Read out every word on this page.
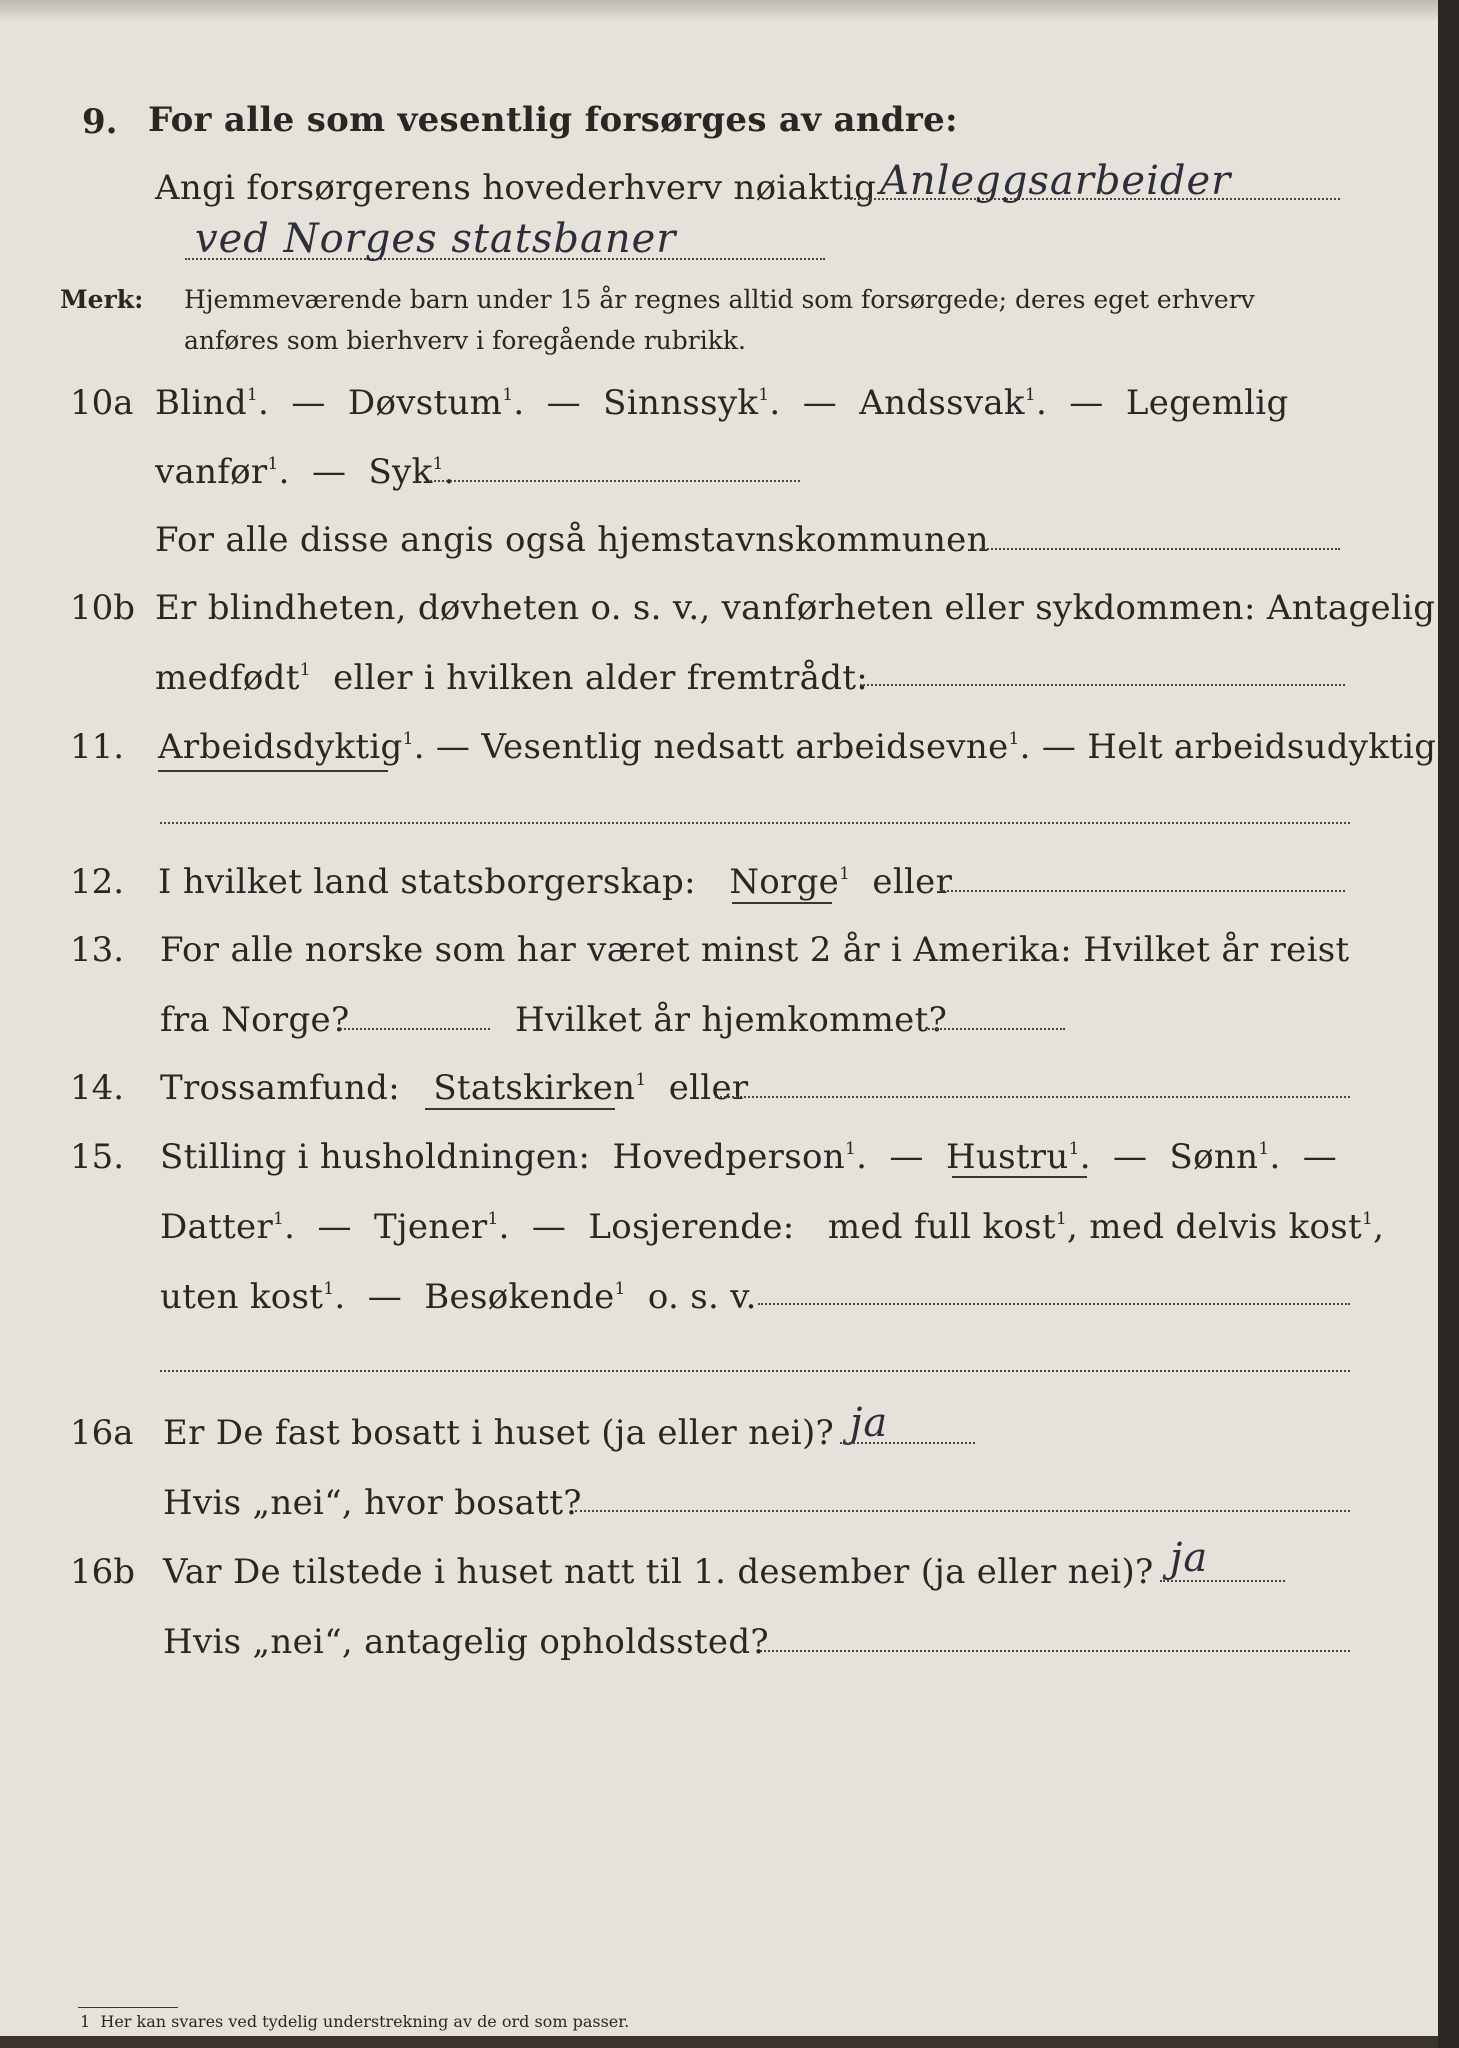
9. For alle som vesentlig forsørges av andre:
Angi forsørgerens hovederhverv nøiaktig Anleggsarbeider
ved Norges statsbaner
Merk: Hjemmeværende barn under 15 år regnes alltid som forsørgede; deres eget erhverv
anføres som bierhverv i foregående rubrikk.
10a Blind$^1$.  — Døvstum$^1$.  — Sinnssyk$^1$.  — Andssvak$^1$.  — Legemlig
vanfør$^1$.  — Syk$^1$.
For alle disse angis også hjemstavnskommunen
10b Er blindheten, døvheten o. s. v., vanførheten eller sykdommen: Antagelig
medfødt$^1$ eller i hvilken alder fremtrådt:
11. Arbeidsdyktig$^1$. — Vesentlig nedsatt arbeidsevne$^1$. — Helt arbeidsudyktig$^1$.
12. I hvilket land statsborgerskap: Norge$^1$ eller
13. For alle norske som har været minst 2 år i Amerika: Hvilket år reist
fra Norge?	Hvilket år hjemkommet?
14. Trossamfund: Statskirken$^1$ eller
15. Stilling i husholdningen: Hovedperson$^1$.  — Hustru$^1$.  — Sønn$^1$.  —
Datter$^1$.  — Tjener$^1$.  — Losjerende: med full kost$^1$, med delvis kost$^1$,
uten kost$^1$.  — Besøkende$^1$ o. s. v.
16a Er De fast bosatt i huset (ja eller nei)? ja
Hvis „nei“, hvor bosatt?
16b Var De tilstede i huset natt til 1. desember (ja eller nei)? ja
Hvis „nei“, antagelig opholdssted?
1 Her kan svares ved tydelig understrekning av de ord som passer.
